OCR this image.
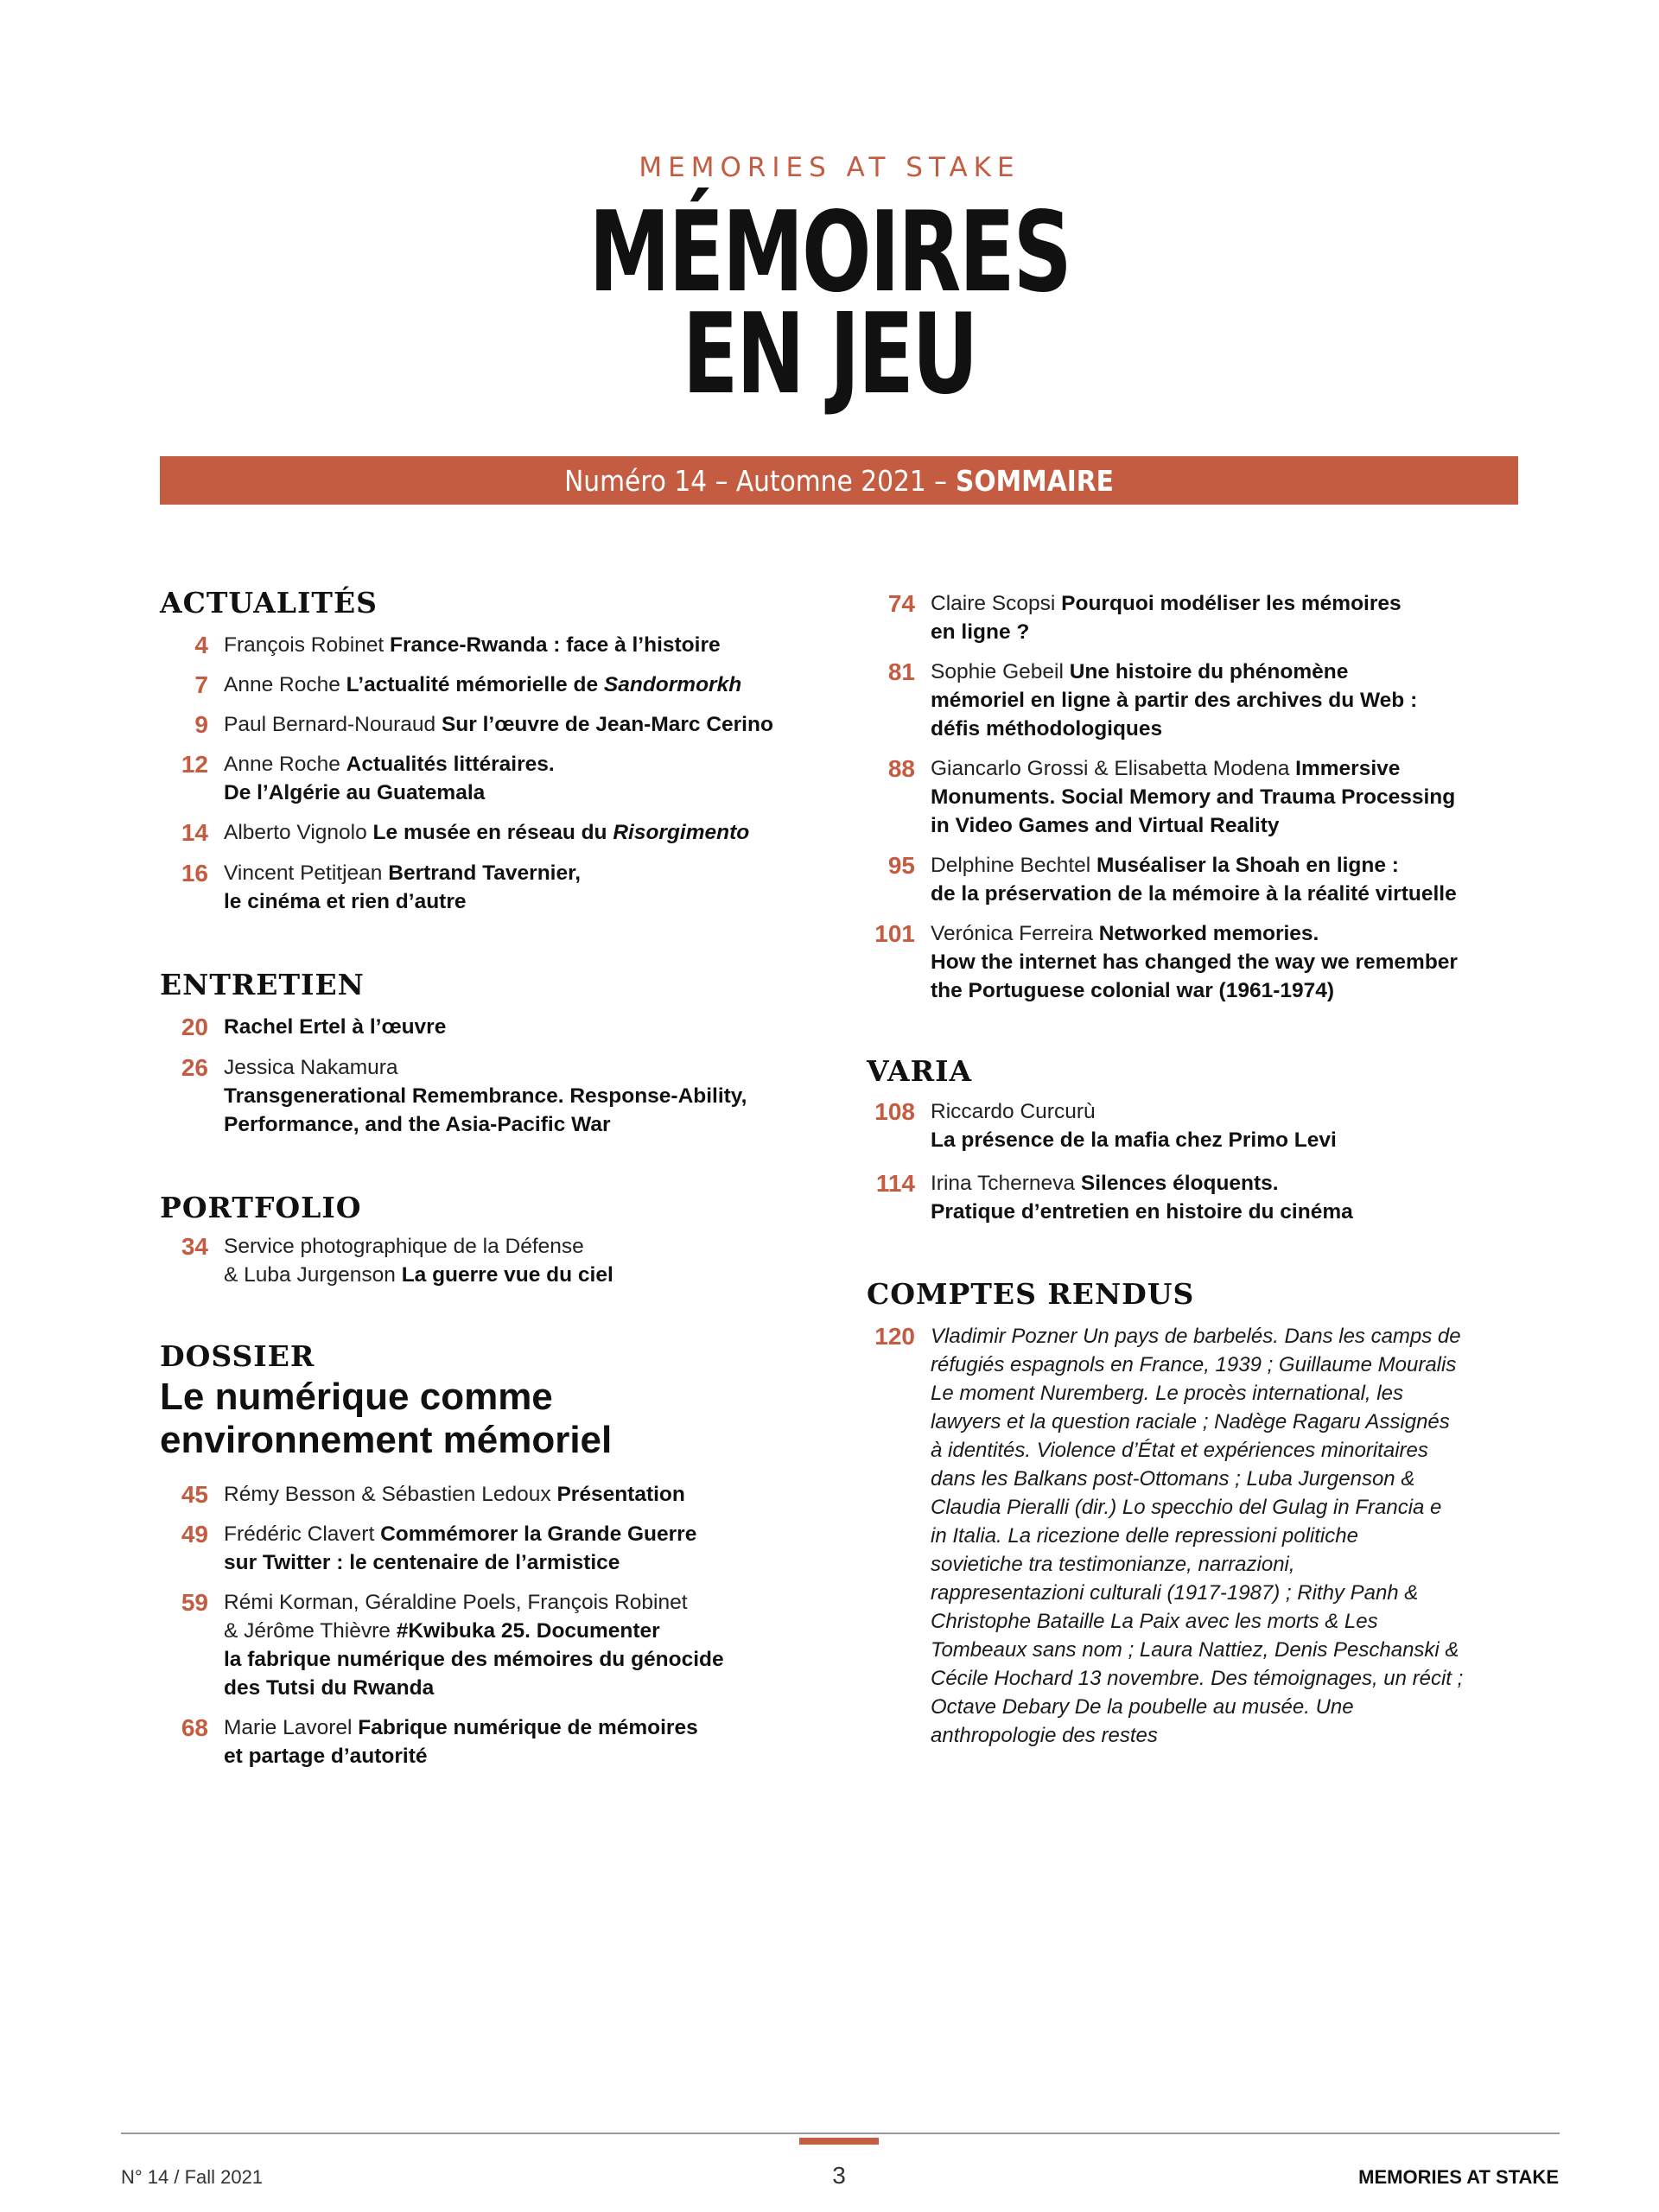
MEMORIES AT STAKE
MÉMOIRES
EN JEU
Numéro 14 – Automne 2021 – SOMMAIRE
ACTUALITÉS
4 François Robinet France-Rwanda : face à l’histoire
7 Anne Roche L’actualité mémorielle de Sandormorkh
9 Paul Bernard-Nouraud Sur l’œuvre de Jean-Marc Cerino
12 Anne Roche Actualités littéraires.
De l’Algérie au Guatemala
14 Alberto Vignolo Le musée en réseau du Risorgimento
16 Vincent Petitjean Bertrand Tavernier,
le cinéma et rien d’autre
ENTRETIEN
20 Rachel Ertel à l’œuvre
26 Jessica Nakamura
Transgenerational Remembrance. Response-Ability,
Performance, and the Asia-Pacific War
PORTFOLIO
34 Service photographique de la Défense
& Luba Jurgenson La guerre vue du ciel
DOSSIER
Le numérique comme
environnement mémoriel
45 Rémy Besson & Sébastien Ledoux Présentation
49 Frédéric Clavert Commémorer la Grande Guerre
sur Twitter : le centenaire de l’armistice
59 Rémi Korman, Géraldine Poels, François Robinet
& Jérôme Thièvre #Kwibuka 25. Documenter
la fabrique numérique des mémoires du génocide
des Tutsi du Rwanda
68 Marie Lavorel Fabrique numérique de mémoires
et partage d’autorité
74 Claire Scopsi Pourquoi modéliser les mémoires
en ligne ?
81 Sophie Gebeil Une histoire du phénomène
mémoriel en ligne à partir des archives du Web :
défis méthodologiques
88 Giancarlo Grossi & Elisabetta Modena Immersive
Monuments. Social Memory and Trauma Processing
in Video Games and Virtual Reality
95 Delphine Bechtel Muséaliser la Shoah en ligne :
de la préservation de la mémoire à la réalité virtuelle
101 Verónica Ferreira Networked memories.
How the internet has changed the way we remember
the Portuguese colonial war (1961-1974)
VARIA
108 Riccardo Curcurù
La présence de la mafia chez Primo Levi
114 Irina Tcherneva Silences éloquents.
Pratique d’entretien en histoire du cinéma
COMPTES RENDUS
120 Vladimir Pozner Un pays de barbelés. Dans les camps de
réfugiés espagnols en France, 1939 ; Guillaume Mouralis
Le moment Nuremberg. Le procès international, les
lawyers et la question raciale ; Nadège Ragaru Assignés
à identités. Violence d’État et expériences minoritaires
dans les Balkans post-Ottomans ; Luba Jurgenson &
Claudia Pieralli (dir.) Lo specchio del Gulag in Francia e
in Italia. La ricezione delle repressioni politiche
sovietiche tra testimonianze, narrazioni,
rappresentazioni culturali (1917-1987) ; Rithy Panh &
Christophe Bataille La Paix avec les morts & Les
Tombeaux sans nom ; Laura Nattiez, Denis Peschanski &
Cécile Hochard 13 novembre. Des témoignages, un récit ;
Octave Debary De la poubelle au musée. Une
anthropologie des restes
N° 14 / Fall 2021	3	MEMORIES AT STAKE
